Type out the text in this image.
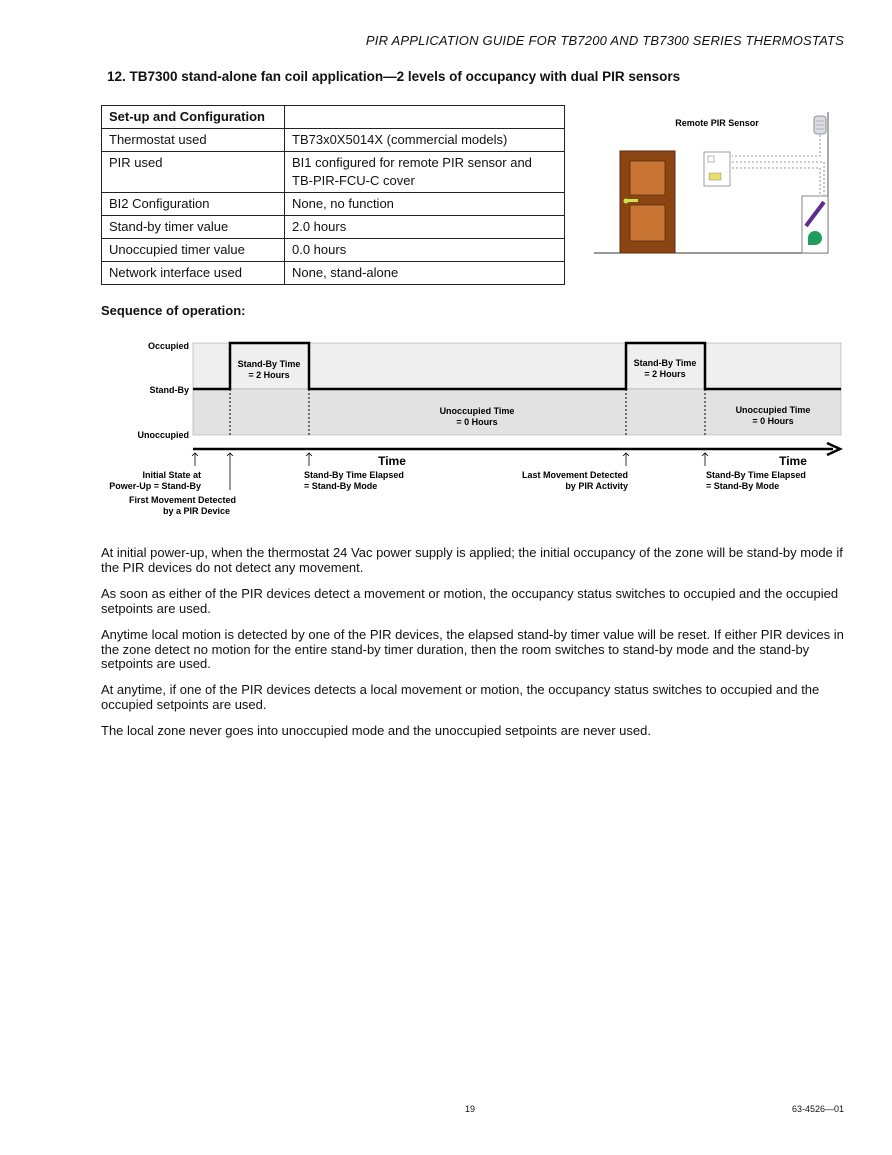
PIR APPLICATION GUIDE FOR TB7200 AND TB7300 SERIES THERMOSTATS
12. TB7300 stand-alone fan coil application—2 levels of occupancy with dual PIR sensors
Set-up and Configuration	
Thermostat used	TB73x0X5014X (commercial models)
PIR used	BI1 configured for remote PIR sensor and
TB-PIR-FCU-C cover
BI2 Configuration	None, no function
Stand-by timer value	2.0 hours
Unoccupied timer value	0.0 hours
Network interface used	None, stand-alone
Remote PIR Sensor
Sequence of operation:
Occupied
Stand-By
Unoccupied
Stand-By Time
= 2 Hours
Stand-By Time
= 2 Hours
Unoccupied Time
= 0 Hours
Unoccupied Time
= 0 Hours
Time	Time
Initial State at
Power-Up = Stand-By
First Movement Detected
by a PIR Device
Stand-By Time Elapsed
= Stand-By Mode
Last Movement Detected
by PIR Activity
Stand-By Time Elapsed
= Stand-By Mode

At initial power-up, when the thermostat 24 Vac power supply is applied; the initial occupancy of the zone will be stand-by mode if the PIR devices do not detect any movement.

As soon as either of the PIR devices detect a movement or motion, the occupancy status switches to occupied and the occupied setpoints are used.

Anytime local motion is detected by one of the PIR devices, the elapsed stand-by timer value will be reset. If either PIR devices in the zone detect no motion for the entire stand-by timer duration, then the room switches to stand-by mode and the stand-by setpoints are used.

At anytime, if one of the PIR devices detects a local movement or motion, the occupancy status switches to occupied and the occupied setpoints are used.

The local zone never goes into unoccupied mode and the unoccupied setpoints are never used.

19	63-4526—01
